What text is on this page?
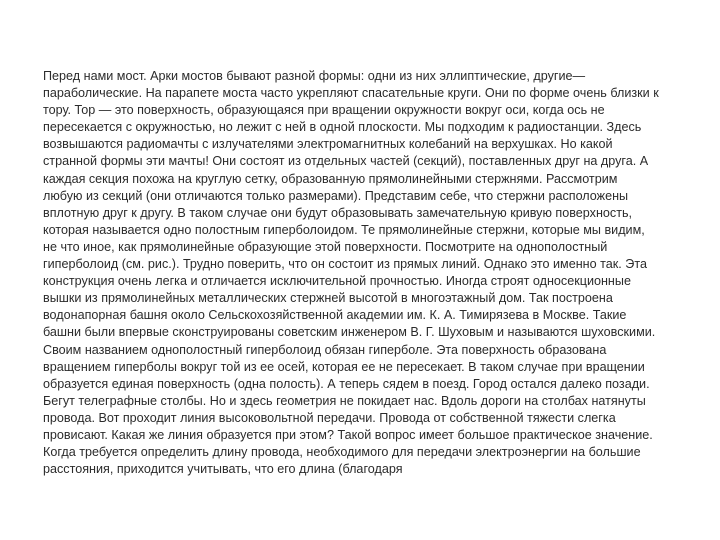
Перед нами мост. Арки мостов бывают разной формы: одни из них эллиптические, другие—
параболические. На парапете моста часто укрепляют спасательные круги. Они по форме очень близки к
тору. Тор — это поверхность, образующаяся при вращении окружности вокруг оси, когда ось не
пересекается с окружностью, но лежит с ней в одной плоскости. Мы подходим к радиостанции. Здесь
возвышаются радиомачты с излучателями электромагнитных колебаний на верхушках. Но какой
странной формы эти мачты! Они состоят из отдельных частей (секций), поставленных друг на друга. А
каждая секция похожа на круглую сетку, образованную прямолинейными стержнями. Рассмотрим
любую из секций (они отличаются только размерами). Представим себе, что стержни расположены
вплотную друг к другу. В таком случае они будут образовывать замечательную кривую поверхность,
которая называется одно полостным гиперболоидом. Те прямолинейные стержни, которые мы видим,
не что иное, как прямолинейные образующие этой поверхности. Посмотрите на однополостный
гиперболоид (см. рис.). Трудно поверить, что он состоит из прямых линий. Однако это именно так. Эта
конструкция очень легка и отличается исключительной прочностью. Иногда строят односекционные
вышки из прямолинейных металлических стержней высотой в многоэтажный дом. Так построена
водонапорная башня около Сельскохозяйственной академии им. К. А. Тимирязева в Москве. Такие
башни были впервые сконструированы советским инженером В. Г. Шуховым и называются шуховскими.
Своим названием однополостный гиперболоид обязан гиперболе. Эта поверхность образована
вращением гиперболы вокруг той из ее осей, которая ее не пересекает. В таком случае при вращении
образуется единая поверхность (одна полость). А теперь сядем в поезд. Город остался далеко позади.
Бегут телеграфные столбы. Но и здесь геометрия не покидает нас. Вдоль дороги на столбах натянуты
провода. Вот проходит линия высоковольтной передачи. Провода от собственной тяжести слегка
провисают. Какая же линия образуется при этом? Такой вопрос имеет большое практическое значение.
Когда требуется определить длину провода, необходимого для передачи электроэнергии на большие
расстояния, приходится учитывать, что его длина (благодаря
